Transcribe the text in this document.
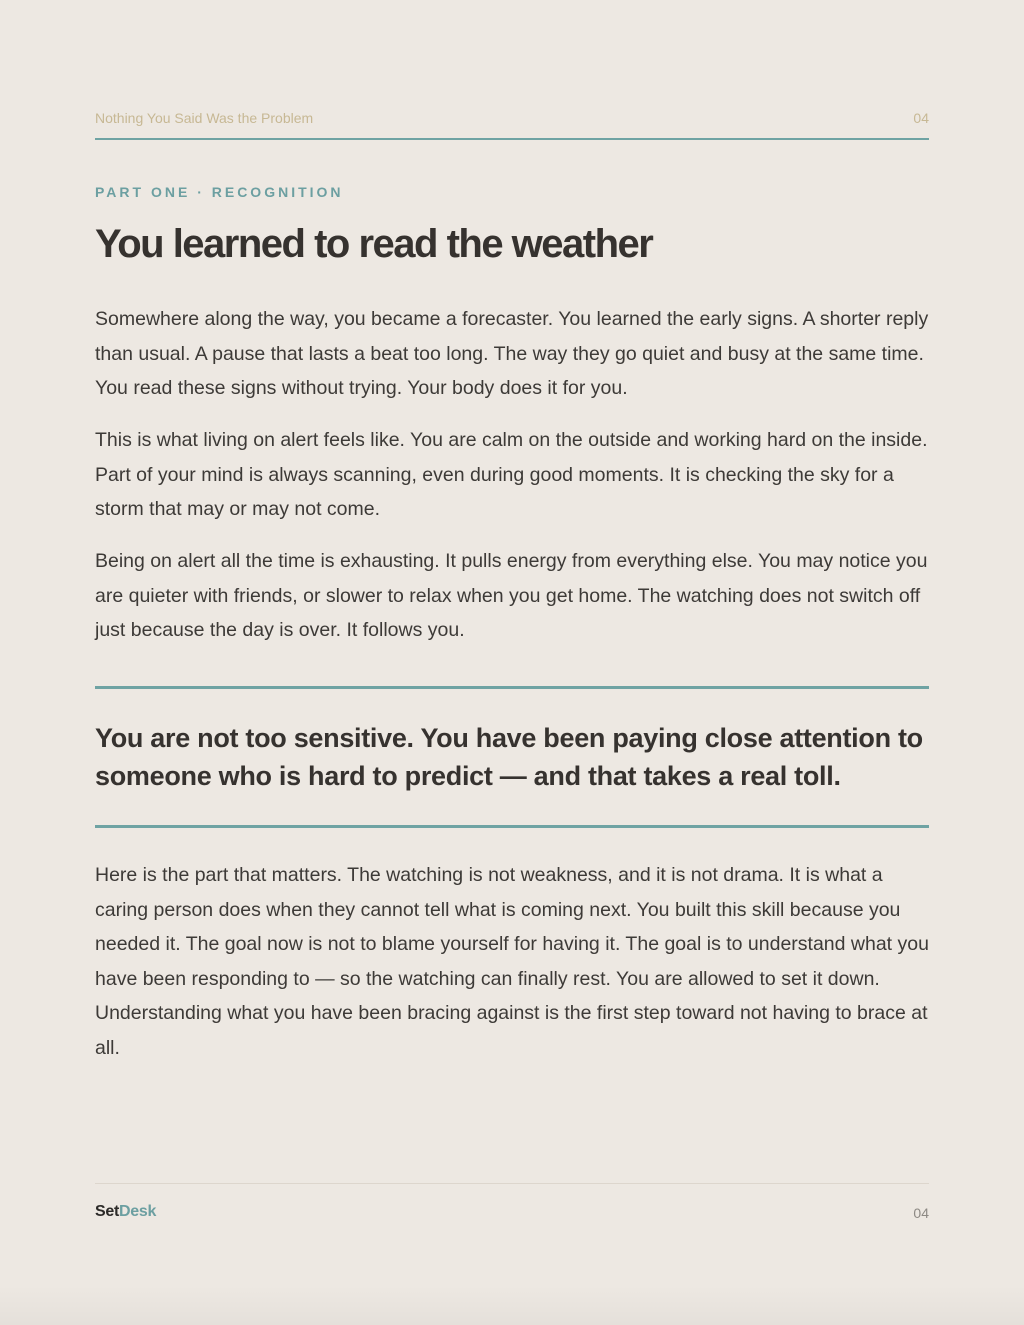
Nothing You Said Was the Problem	04
PART ONE · RECOGNITION
You learned to read the weather

Somewhere along the way, you became a forecaster. You learned the early signs. A shorter reply than usual. A pause that lasts a beat too long. The way they go quiet and busy at the same time. You read these signs without trying. Your body does it for you.

This is what living on alert feels like. You are calm on the outside and working hard on the inside. Part of your mind is always scanning, even during good moments. It is checking the sky for a storm that may or may not come.

Being on alert all the time is exhausting. It pulls energy from everything else. You may notice you are quieter with friends, or slower to relax when you get home. The watching does not switch off just because the day is over. It follows you.

You are not too sensitive. You have been paying close attention to someone who is hard to predict — and that takes a real toll.

Here is the part that matters. The watching is not weakness, and it is not drama. It is what a caring person does when they cannot tell what is coming next. You built this skill because you needed it. The goal now is not to blame yourself for having it. The goal is to understand what you have been responding to — so the watching can finally rest. You are allowed to set it down. Understanding what you have been bracing against is the first step toward not having to brace at all.

SetDesk	04
